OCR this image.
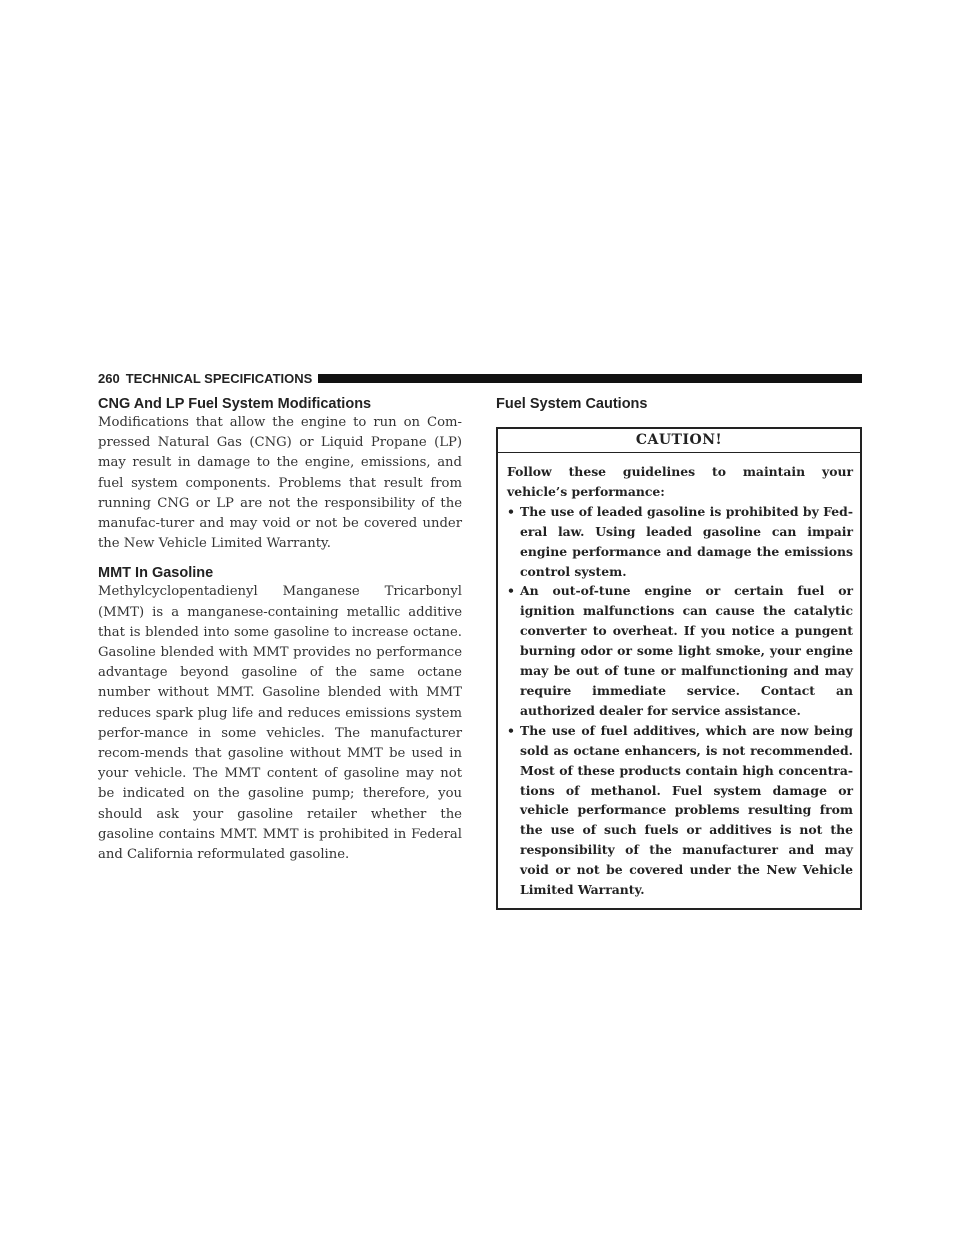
260 TECHNICAL SPECIFICATIONS
CNG And LP Fuel System Modifications

Modifications that allow the engine to run on Com-pressed Natural Gas (CNG) or Liquid Propane (LP) may result in damage to the engine, emissions, and fuel system components. Problems that result from running CNG or LP are not the responsibility of the manufac-turer and may void or not be covered under the New Vehicle Limited Warranty.

MMT In Gasoline

Methylcyclopentadienyl Manganese Tricarbonyl (MMT) is a manganese-containing metallic additive that is blended into some gasoline to increase octane. Gasoline blended with MMT provides no performance advantage beyond gasoline of the same octane number without MMT. Gasoline blended with MMT reduces spark plug life and reduces emissions system perfor-mance in some vehicles. The manufacturer recom-mends that gasoline without MMT be used in your vehicle. The MMT content of gasoline may not be indicated on the gasoline pump; therefore, you should ask your gasoline retailer whether the gasoline contains MMT. MMT is prohibited in Federal and California reformulated gasoline.

Fuel System Cautions
CAUTION!
Follow these guidelines to maintain your vehicle’s performance:
• The use of leaded gasoline is prohibited by Fed-eral law. Using leaded gasoline can impair engine performance and damage the emissions control system.
• An out-of-tune engine or certain fuel or ignition malfunctions can cause the catalytic converter to overheat. If you notice a pungent burning odor or some light smoke, your engine may be out of tune or malfunctioning and may require immediate service. Contact an authorized dealer for service assistance.
• The use of fuel additives, which are now being sold as octane enhancers, is not recommended. Most of these products contain high concentra-tions of methanol. Fuel system damage or vehicle performance problems resulting from the use of such fuels or additives is not the responsibility of the manufacturer and may void or not be covered under the New Vehicle Limited Warranty.
